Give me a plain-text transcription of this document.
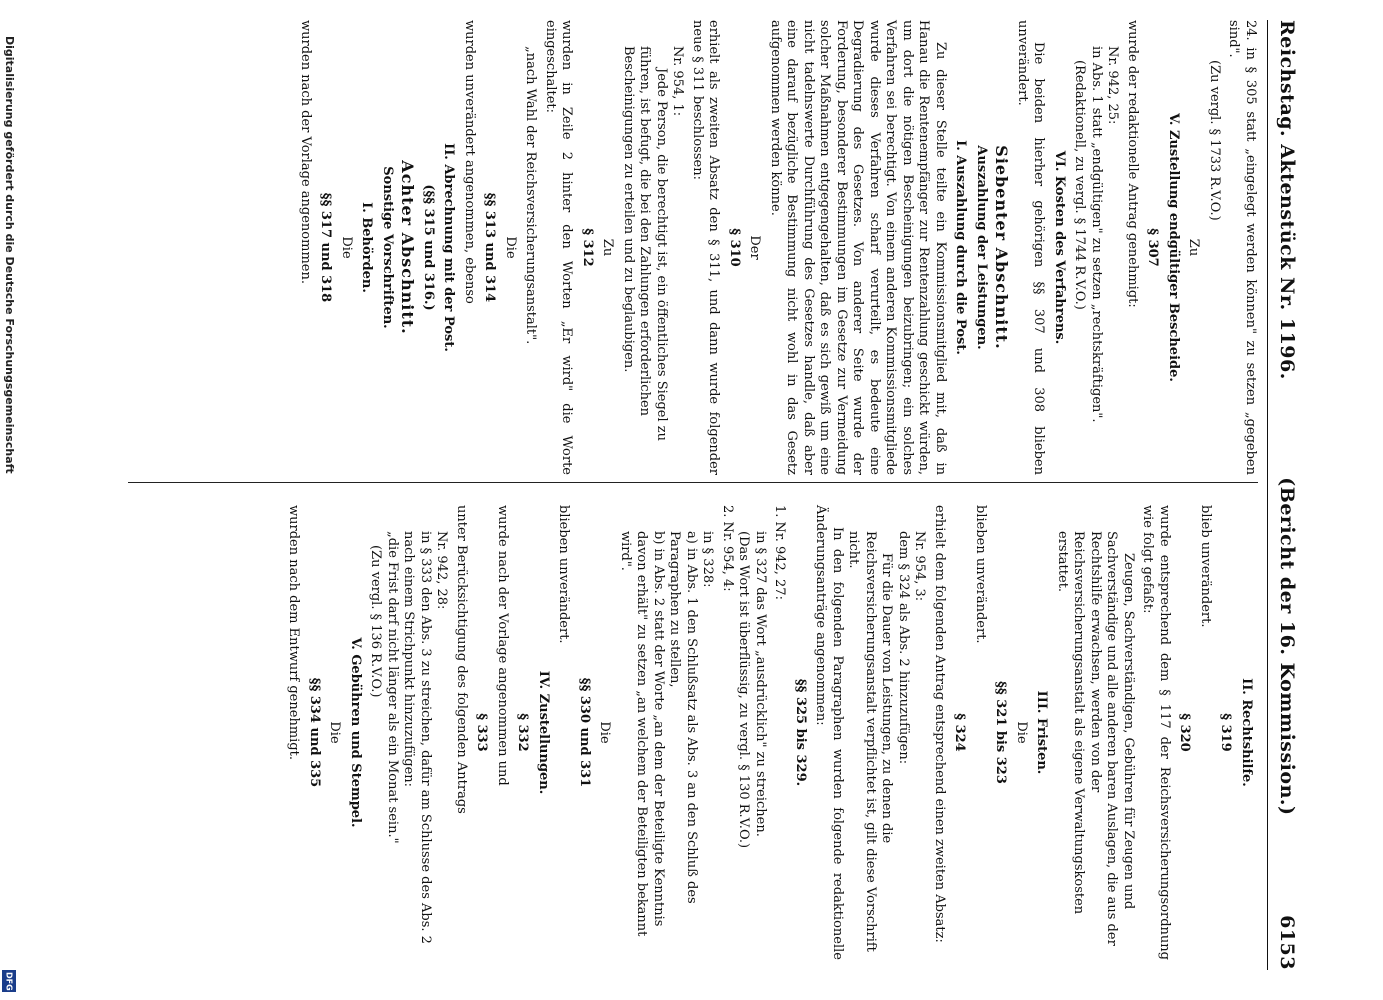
Reichstag. Aktenstück Nr. 1196.
(Bericht der 16. Kommission.)              6153
24. in § 305 statt „eingelegt werden können" zu setzen „gegeben sind".
(Zu vergl. § 1733 R.V.O.)
Zu
V. Zustellung endgültiger Bescheide.
§ 307
wurde der redaktionelle Antrag genehmigt:
Nr. 942, 25:
in Abs. 1 statt „endgültigen" zu setzen „rechtskräftigen".
(Redaktionell, zu vergl. § 1744 R.V.O.)
VI. Kosten des Verfahrens.
Die beiden hierher gehörigen §§ 307 und 308 blieben unverändert.
Siebenter Abschnitt.
Auszahlung der Leistungen.
I. Auszahlung durch die Post.
Zu dieser Stelle teilte ein Kommissionsmitglied mit, daß in Hanau die Rentenempfänger zur Rentenzahlung geschickt würden, um dort die nötigen Bescheinigungen beizubringen; ein solches Verfahren sei berechtigt. Von einem anderen Kommissionsmitgliede wurde dieses Verfahren scharf verurteilt, es bedeute eine Degradierung des Gesetzes. Von anderer Seite wurde der Forderung, besonderer Bestimmungen im Gesetze zur Vermeidung solcher Maßnahmen entgegengehalten, daß es sich gewiß um eine nicht tadelnswerte Durchführung des Gesetzes handle, daß aber eine darauf bezügliche Bestimmung nicht wohl in das Gesetz aufgenommen werden könne.
Der
§ 310
erhielt als zweiten Absatz den § 311, und dann wurde folgender neue § 311 beschlossen:
Nr. 954, 1:
Jede Person, die berechtigt ist, ein öffentliches Siegel zu führen, ist befugt, die bei den Zahlungen erforderlichen Bescheinigungen zu erteilen und zu beglaubigen.
Zu
§ 312
wurden in Zeile 2 hinter den Worten „Er wird" die Worte eingeschaltet:
„nach Wahl der Reichsversicherungsanstalt".
Die
§§ 313 und 314
wurden unverändert angenommen, ebenso
II. Abrechnung mit der Post.
(§§ 315 und 316.)
Achter Abschnitt.
Sonstige Vorschriften.
I. Behörden.
Die
§§ 317 und 318
wurden nach der Vorlage angenommen.
II. Rechtshilfe.
§ 319
blieb unverändert.
§ 320
wurde entsprechend dem § 117 der Reichsversicherungsordnung wie folgt gefaßt:
Zeugen, Sachverständigen, Gebühren für Zeugen und Sachverständige und alle anderen baren Auslagen, die aus der Rechtshilfe erwachsen, werden von der Reichsversicherungsanstalt als eigene Verwaltungskosten erstattet.
III. Fristen.
Die
§§ 321 bis 323
blieben unverändert.
§ 324
erhielt dem folgenden Antrag entsprechend einen zweiten Absatz:
Nr. 954, 3:
dem § 324 als Abs. 2 hinzuzufügen:
Für die Dauer von Leistungen, zu denen die Reichsversicherungsanstalt verpflichtet ist, gilt diese Vorschrift nicht.
In den folgenden Paragraphen wurden folgende redaktionelle Änderungsanträge angenommen:
§§ 325 bis 329.
1. Nr. 942, 27:
in § 327 das Wort „ausdrücklich" zu streichen.
(Das Wort ist überflüssig, zu vergl. § 130 R.V.O.)
2. Nr. 954, 4:
in § 328:
a) in Abs. 1 den Schlußsatz als Abs. 3 an den Schluß des Paragraphen zu stellen,
b) in Abs. 2 statt der Worte „an dem der Beteiligte Kenntnis davon erhält" zu setzen „an welchem der Beteiligten bekannt wird".
Die
§§ 330 und 331
blieben unverändert.
IV. Zustellungen.
§ 332
wurde nach der Vorlage angenommen und
§ 333
unter Berücksichtigung des folgenden Antrags
Nr. 942, 28:
in § 333 den Abs. 3 zu streichen, dafür am Schlusse des Abs. 2 nach einem Strichpunkt hinzuzufügen:
„die Frist darf nicht länger als ein Monat sein."
(Zu vergl. § 136 R.V.O.)
V. Gebühren und Stempel.
Die
§§ 334 und 335
wurden nach dem Entwurf genehmigt.
Digitalisierung gefördert durch die Deutsche Forschungsgemeinschaft
DFG
